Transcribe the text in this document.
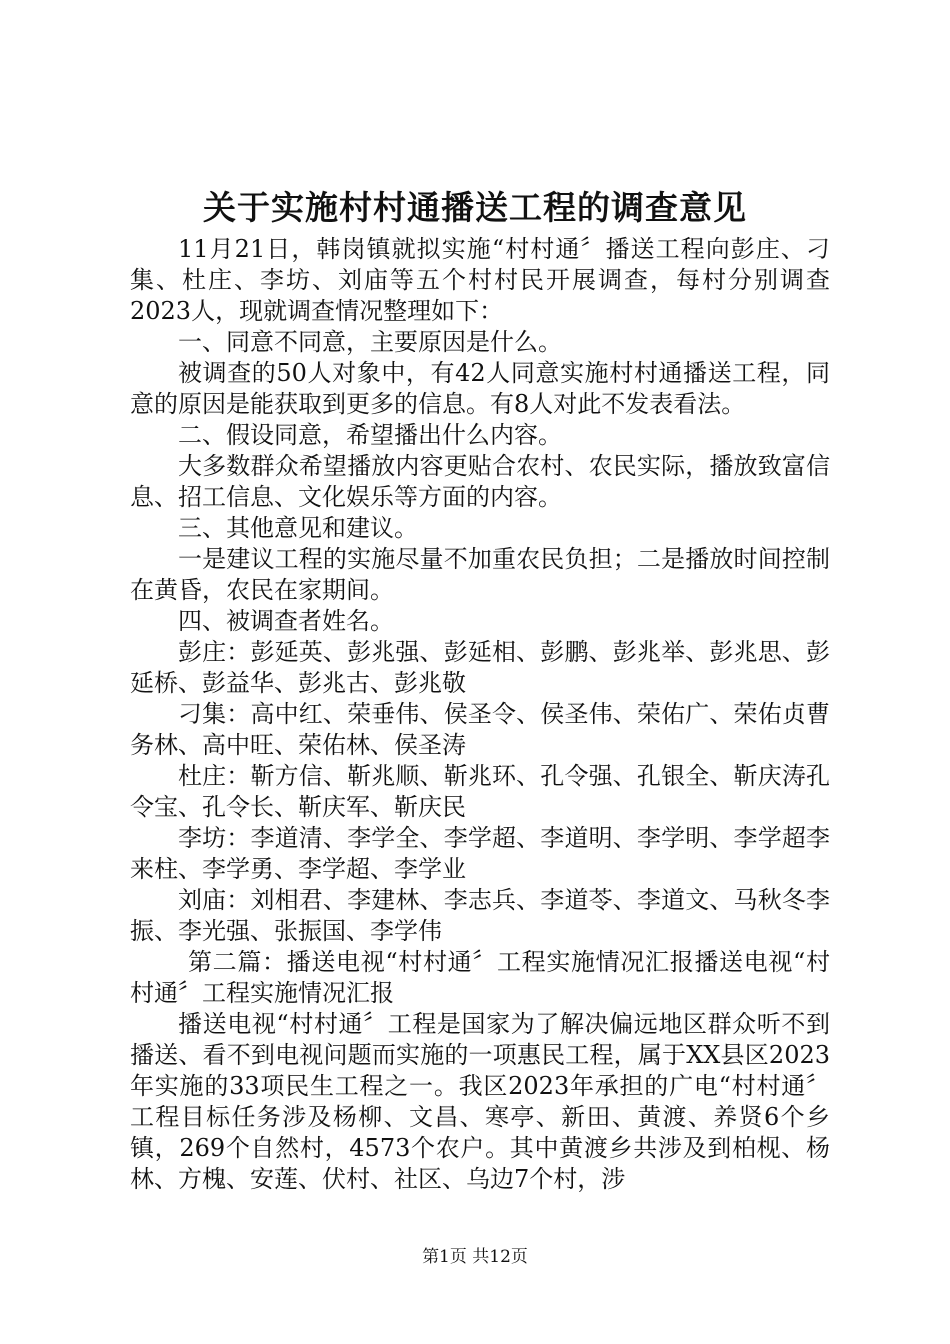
关于实施村村通播送工程的调查意见

11月21日，韩岗镇就拟实施“村村通〞播送工程向彭庄、刁集、杜庄、李坊、刘庙等五个村村民开展调查，每村分别调查2023人，现就调查情况整理如下：

一、同意不同意，主要原因是什么。

被调查的50人对象中，有42人同意实施村村通播送工程，同意的原因是能获取到更多的信息。有8人对此不发表看法。

二、假设同意，希望播出什么内容。

大多数群众希望播放内容更贴合农村、农民实际，播放致富信息、招工信息、文化娱乐等方面的内容。

三、其他意见和建议。

一是建议工程的实施尽量不加重农民负担；二是播放时间控制在黄昏，农民在家期间。

四、被调查者姓名。

彭庄：彭延英、彭兆强、彭延相、彭鹏、彭兆举、彭兆思、彭延桥、彭益华、彭兆古、彭兆敬

刁集：高中红、荣垂伟、侯圣令、侯圣伟、荣佑广、荣佑贞曹务林、高中旺、荣佑林、侯圣涛

杜庄：靳方信、靳兆顺、靳兆环、孔令强、孔银全、靳庆涛孔令宝、孔令长、靳庆军、靳庆民

李坊：李道清、李学全、李学超、李道明、李学明、李学超李来柱、李学勇、李学超、李学业

刘庙：刘相君、李建林、李志兵、李道苓、李道文、马秋冬李振、李光强、张振国、李学伟

第二篇：播送电视“村村通〞工程实施情况汇报播送电视“村村通〞工程实施情况汇报

播送电视“村村通〞工程是国家为了解决偏远地区群众听不到播送、看不到电视问题而实施的一项惠民工程，属于XX县区2023年实施的33项民生工程之一。我区2023年承担的广电“村村通〞工程目标任务涉及杨柳、文昌、寒亭、新田、黄渡、养贤6个乡镇，269个自然村，4573个农户。其中黄渡乡共涉及到柏枧、杨林、方槐、安莲、伏村、社区、乌边7个村，涉

第1页 共12页
